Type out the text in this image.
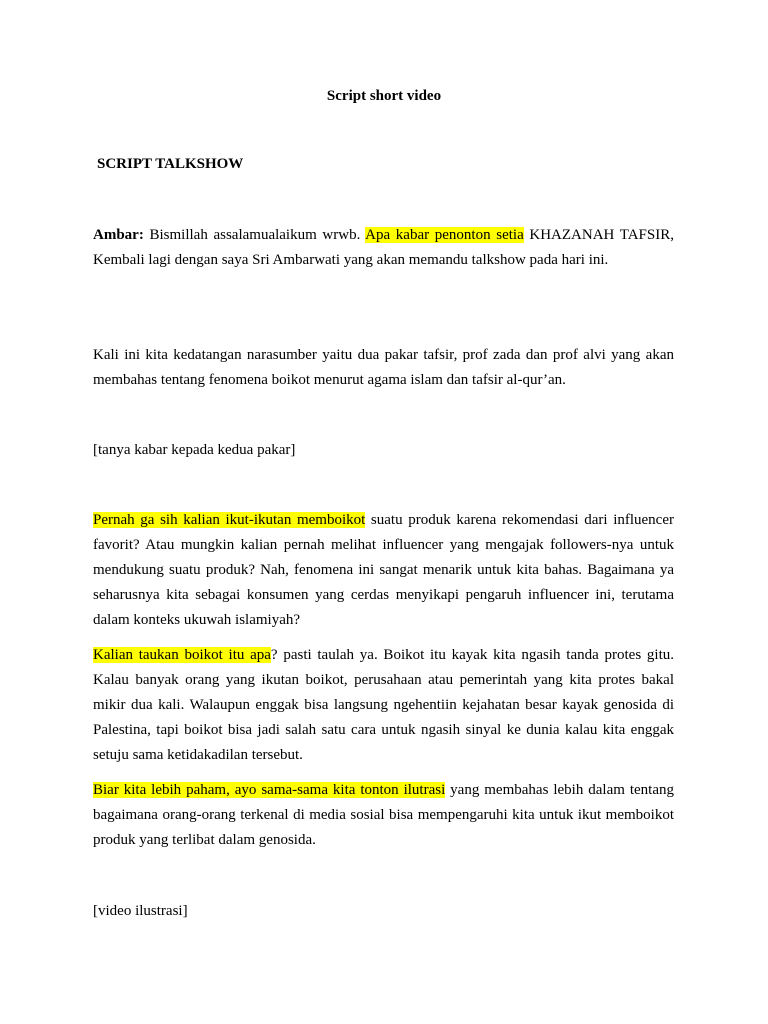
Script short video

SCRIPT TALKSHOW

Ambar: Bismillah assalamualaikum wrwb. Apa kabar penonton setia KHAZANAH TAFSIR, Kembali lagi dengan saya Sri Ambarwati yang akan memandu talkshow pada hari ini.

Kali ini kita kedatangan narasumber yaitu dua pakar tafsir, prof zada dan prof alvi yang akan membahas tentang fenomena boikot menurut agama islam dan tafsir al-qur’an.

[tanya kabar kepada kedua pakar]

Pernah ga sih kalian ikut-ikutan memboikot suatu produk karena rekomendasi dari influencer favorit? Atau mungkin kalian pernah melihat influencer yang mengajak followers-nya untuk mendukung suatu produk? Nah, fenomena ini sangat menarik untuk kita bahas. Bagaimana ya seharusnya kita sebagai konsumen yang cerdas menyikapi pengaruh influencer ini, terutama dalam konteks ukuwah islamiyah?

Kalian taukan boikot itu apa? pasti taulah ya. Boikot itu kayak kita ngasih tanda protes gitu. Kalau banyak orang yang ikutan boikot, perusahaan atau pemerintah yang kita protes bakal mikir dua kali. Walaupun enggak bisa langsung ngehentiin kejahatan besar kayak genosida di Palestina, tapi boikot bisa jadi salah satu cara untuk ngasih sinyal ke dunia kalau kita enggak setuju sama ketidakadilan tersebut.

Biar kita lebih paham, ayo sama-sama kita tonton ilutrasi yang membahas lebih dalam tentang bagaimana orang-orang terkenal di media sosial bisa mempengaruhi kita untuk ikut memboikot produk yang terlibat dalam genosida.

[video ilustrasi]
